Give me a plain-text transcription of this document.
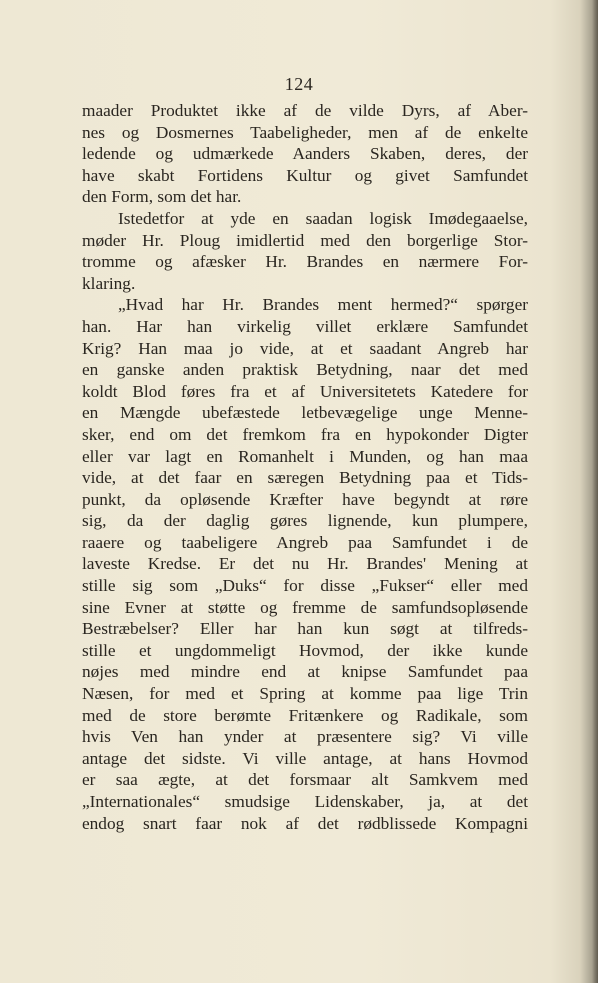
124
maader Produktet ikke af de vilde Dyrs, af Aber-
nes og Dosmernes Taabeligheder, men af de enkelte
ledende og udmærkede Aanders Skaben, deres, der
have skabt Fortidens Kultur og givet Samfundet
den Form, som det har.
Istedetfor at yde en saadan logisk Imødegaaelse,
møder Hr. Ploug imidlertid med den borgerlige Stor-
tromme og afæsker Hr. Brandes en nærmere For-
klaring.
„Hvad har Hr. Brandes ment hermed?“ spørger
han. Har han virkelig villet erklære Samfundet
Krig? Han maa jo vide, at et saadant Angreb har
en ganske anden praktisk Betydning, naar det med
koldt Blod føres fra et af Universitetets Katedere for
en Mængde ubefæstede letbevægelige unge Menne-
sker, end om det fremkom fra en hypokonder Digter
eller var lagt en Romanhelt i Munden, og han maa
vide, at det faar en særegen Betydning paa et Tids-
punkt, da opløsende Kræfter have begyndt at røre
sig, da der daglig gøres lignende, kun plumpere,
raaere og taabeligere Angreb paa Samfundet i de
laveste Kredse. Er det nu Hr. Brandes' Mening at
stille sig som „Duks“ for disse „Fukser“ eller med
sine Evner at støtte og fremme de samfundsopløsende
Bestræbelser? Eller har han kun søgt at tilfreds-
stille et ungdommeligt Hovmod, der ikke kunde
nøjes med mindre end at knipse Samfundet paa
Næsen, for med et Spring at komme paa lige Trin
med de store berømte Fritænkere og Radikale, som
hvis Ven han ynder at præsentere sig? Vi ville
antage det sidste. Vi ville antage, at hans Hovmod
er saa ægte, at det forsmaar alt Samkvem med
„Internationales“ smudsige Lidenskaber, ja, at det
endog snart faar nok af det rødblissede Kompagni
